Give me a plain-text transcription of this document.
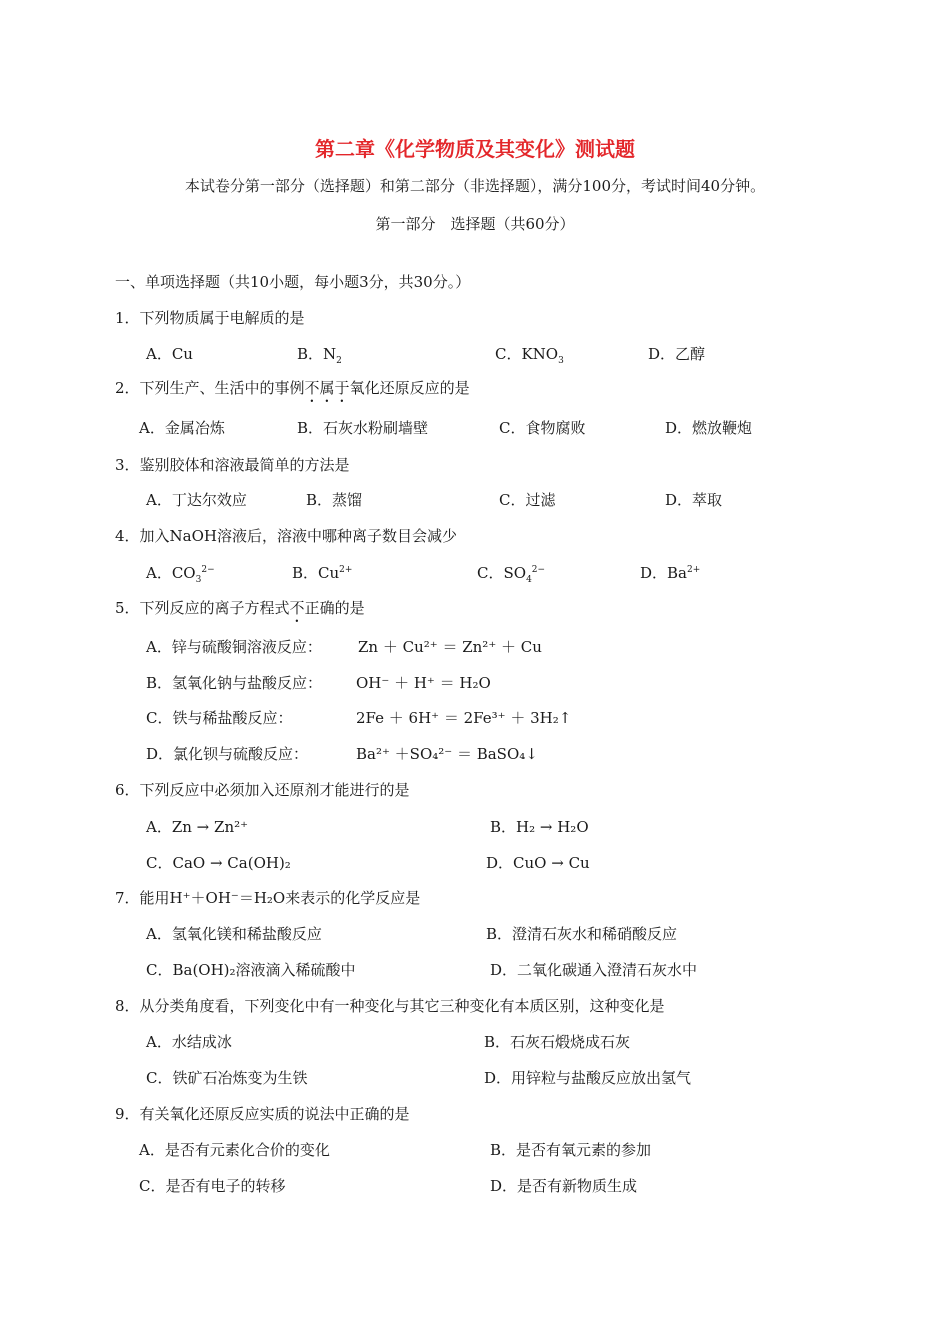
第二章《化学物质及其变化》测试题
本试卷分第一部分（选择题）和第二部分（非选择题），满分100分，考试时间40分钟。
第一部分　选择题（共60分）
一、单项选择题（共10小题，每小题3分，共30分。）
1．下列物质属于电解质的是
A．Cu	B．$N_2$	C．$KNO_3$	D．乙醇
2．下列生产、生活中的事例不属于氧化还原反应的是
A．金属冶炼	B．石灰水粉刷墙壁	C．食物腐败	D．燃放鞭炮
3．鉴别胶体和溶液最简单的方法是
A．丁达尔效应	B．蒸馏	C．过滤	D．萃取
4．加入NaOH溶液后，溶液中哪种离子数目会减少
A．$CO_3^{2-}$	B．$Cu^{2+}$	C．$SO_4^{2-}$	D．$Ba^{2+}$
5．下列反应的离子方程式不正确的是
A．锌与硫酸铜溶液反应： Zn ＋ Cu²⁺ ＝ Zn²⁺ ＋ Cu
B．氢氧化钠与盐酸反应： OH⁻ ＋ H⁺ ＝ H₂O
C．铁与稀盐酸反应：	2Fe ＋ 6H⁺ ＝ 2Fe³⁺ ＋ 3H₂↑
D．氯化钡与硫酸反应：	Ba²⁺ ＋SO₄²⁻ ＝ BaSO₄↓
6．下列反应中必须加入还原剂才能进行的是
A．Zn → Zn²⁺	B．H₂ → H₂O
C．CaO → Ca(OH)₂	D．CuO → Cu
7．能用H⁺＋OH⁻＝H₂O来表示的化学反应是
A．氢氧化镁和稀盐酸反应	B．澄清石灰水和稀硝酸反应
C．Ba(OH)₂溶液滴入稀硫酸中	D．二氧化碳通入澄清石灰水中
8．从分类角度看，下列变化中有一种变化与其它三种变化有本质区别，这种变化是
A．水结成冰	B．石灰石煅烧成石灰
C．铁矿石冶炼变为生铁	D．用锌粒与盐酸反应放出氢气
9．有关氧化还原反应实质的说法中正确的是
A．是否有元素化合价的变化	B．是否有氧元素的参加
C．是否有电子的转移	D．是否有新物质生成
